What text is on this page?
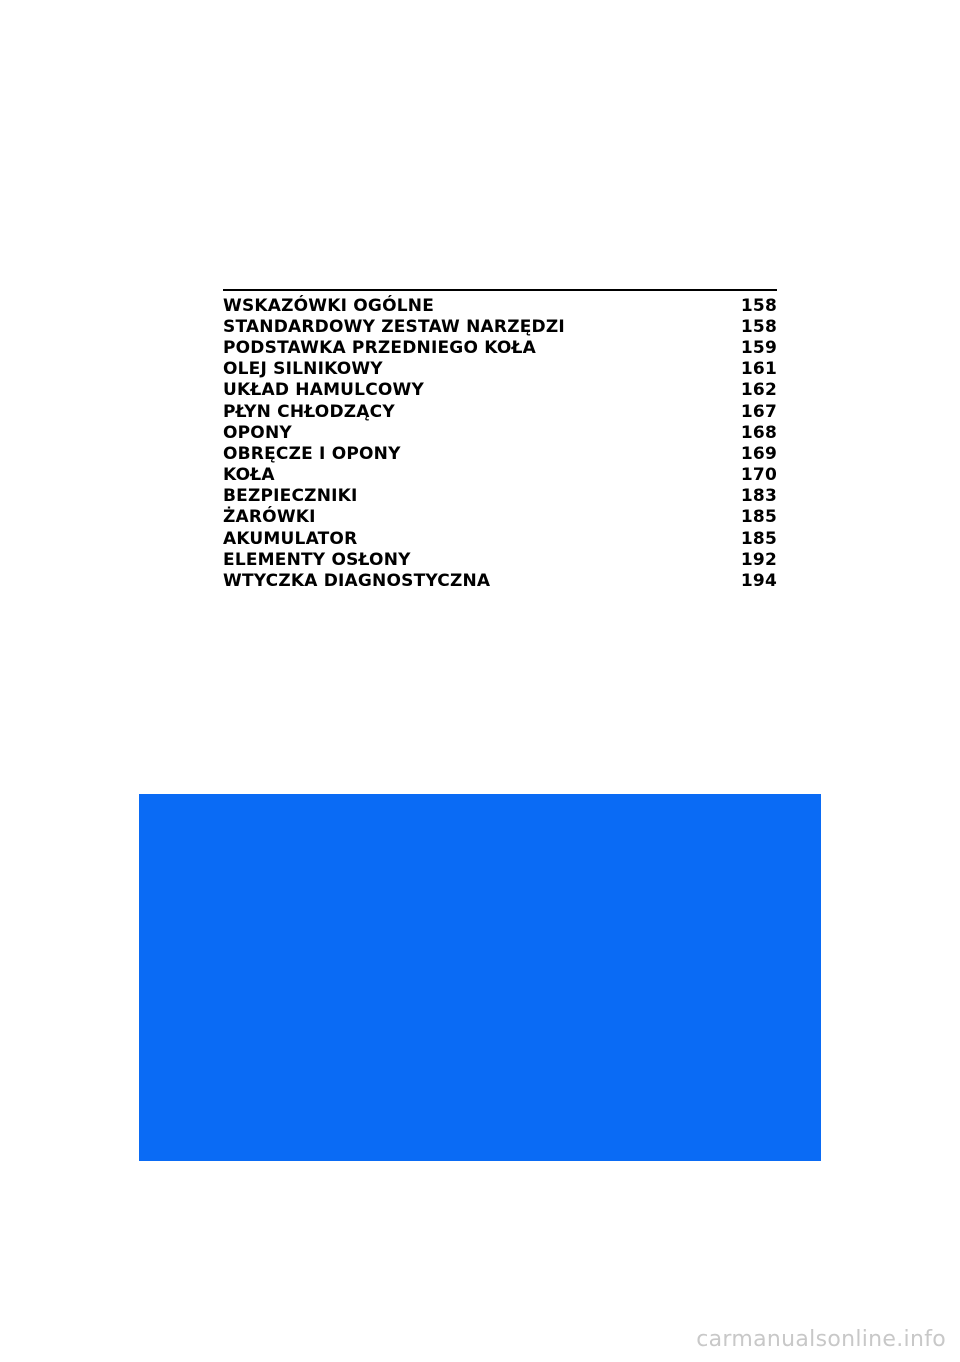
WSKAZÓWKI OGÓLNE	158
STANDARDOWY ZESTAW NARZĘDZI	158
PODSTAWKA PRZEDNIEGO KOŁA	159
OLEJ SILNIKOWY	161
UKŁAD HAMULCOWY	162
PŁYN CHŁODZĄCY	167
OPONY	168
OBRĘCZE I OPONY	169
KOŁA	170
BEZPIECZNIKI	183
ŻARÓWKI	185
AKUMULATOR	185
ELEMENTY OSŁONY	192
WTYCZKA DIAGNOSTYCZNA	194
carmanualsonline.info
